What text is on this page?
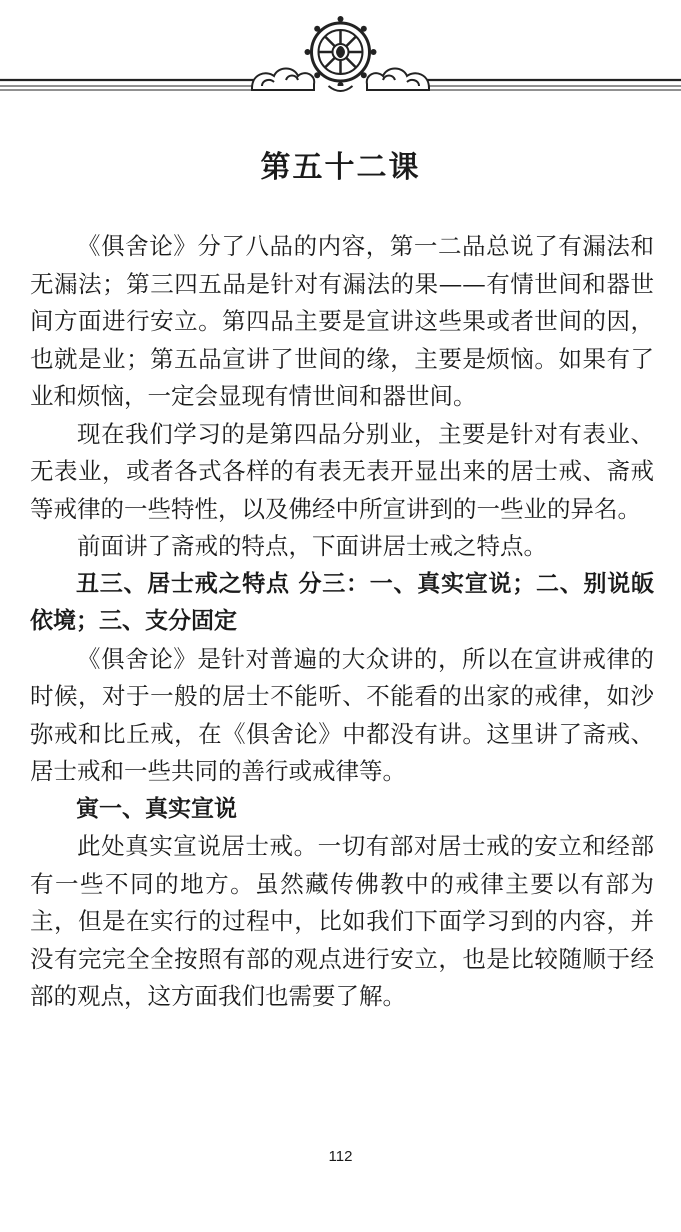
第五十二课

《俱舍论》分了八品的内容，第一二品总说了有漏法和无漏法；第三四五品是针对有漏法的果——有情世间和器世间方面进行安立。第四品主要是宣讲这些果或者世间的因，也就是业；第五品宣讲了世间的缘，主要是烦恼。如果有了业和烦恼，一定会显现有情世间和器世间。

现在我们学习的是第四品分别业，主要是针对有表业、无表业，或者各式各样的有表无表开显出来的居士戒、斋戒等戒律的一些特性，以及佛经中所宣讲到的一些业的异名。

前面讲了斋戒的特点，下面讲居士戒之特点。

丑三、居士戒之特点 分三：一、真实宣说；二、别说皈依境；三、支分固定

《俱舍论》是针对普遍的大众讲的，所以在宣讲戒律的时候，对于一般的居士不能听、不能看的出家的戒律，如沙弥戒和比丘戒，在《俱舍论》中都没有讲。这里讲了斋戒、居士戒和一些共同的善行或戒律等。

寅一、真实宣说

此处真实宣说居士戒。一切有部对居士戒的安立和经部有一些不同的地方。虽然藏传佛教中的戒律主要以有部为主，但是在实行的过程中，比如我们下面学习到的内容，并没有完完全全按照有部的观点进行安立，也是比较随顺于经部的观点，这方面我们也需要了解。

112
